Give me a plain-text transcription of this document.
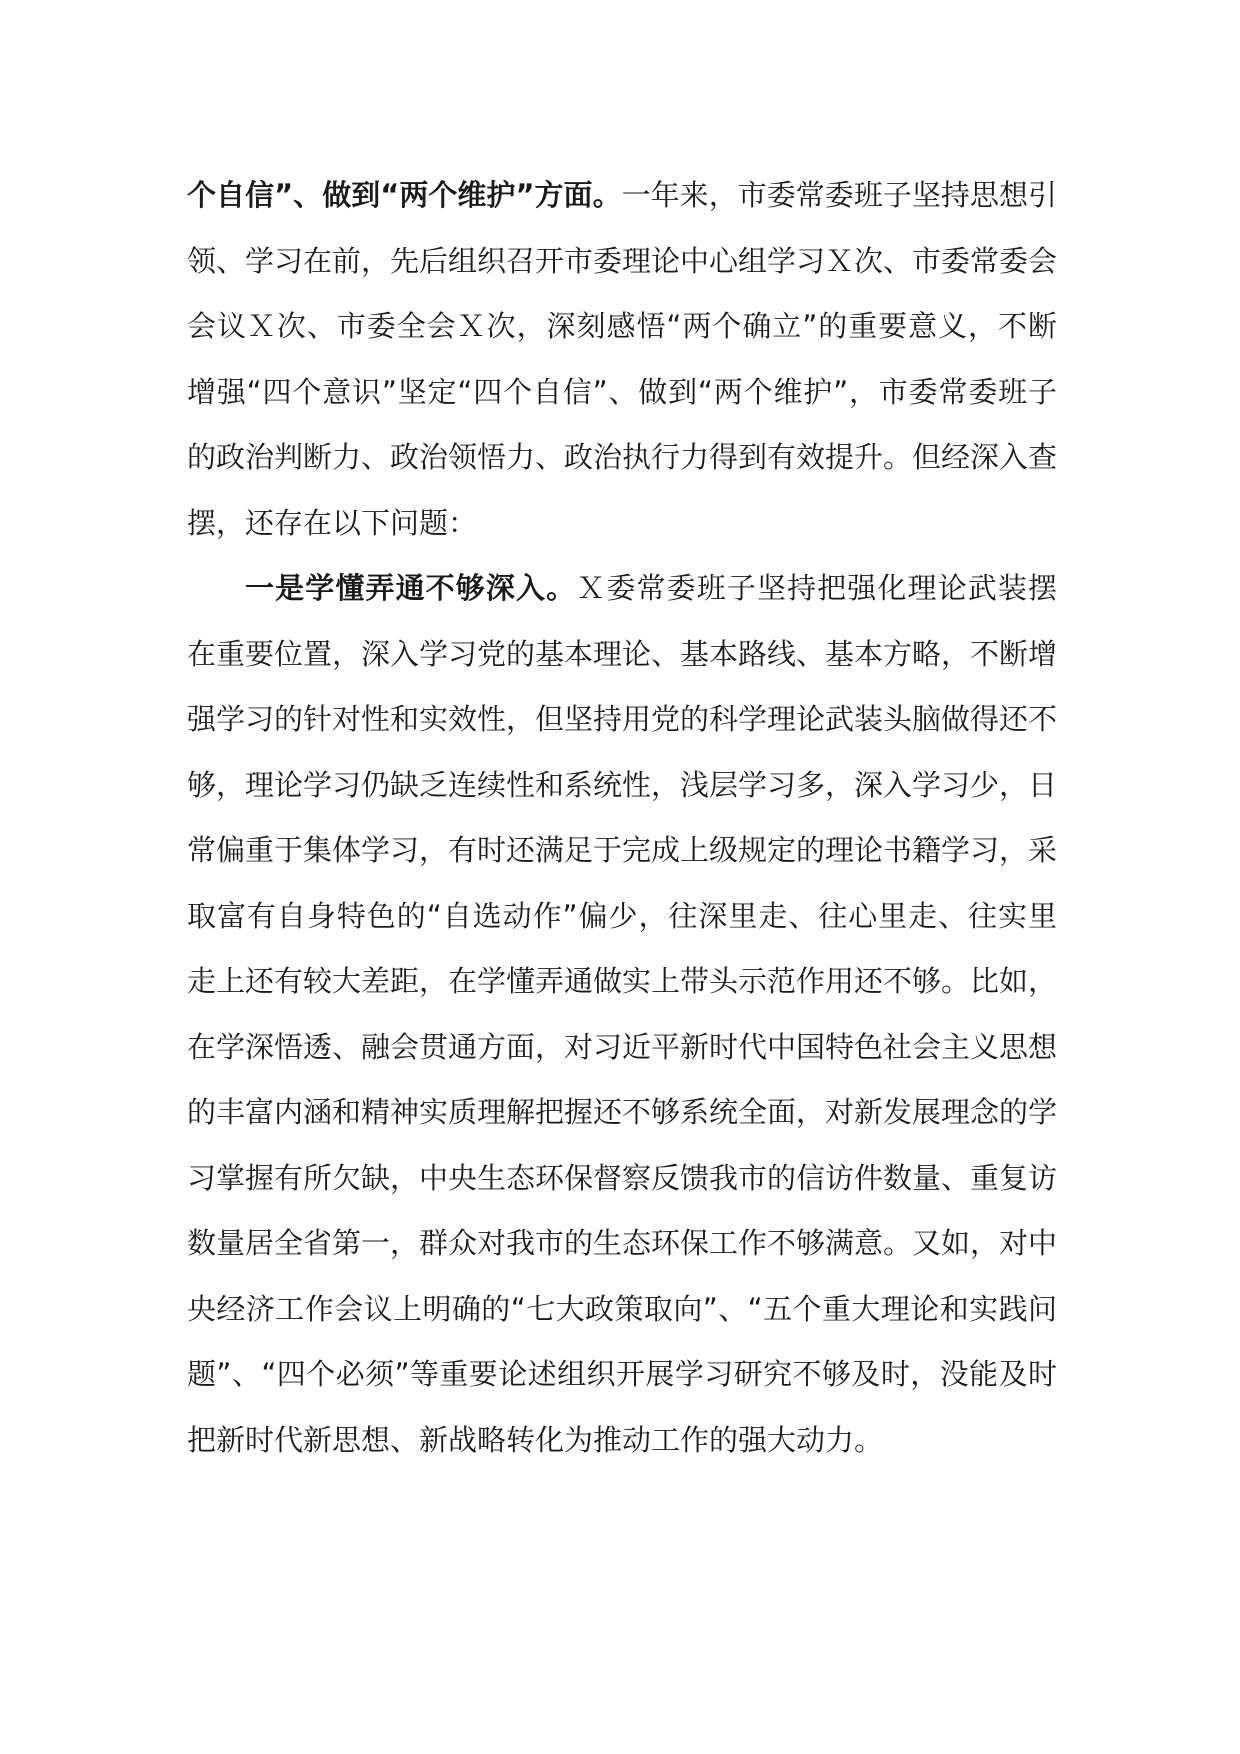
个自信”、做到“两个维护”方面。一年来，市委常委班子坚持思想引领、学习在前，先后组织召开市委理论中心组学习Ｘ次、市委常委会会议Ｘ次、市委全会Ｘ次，深刻感悟“两个确立”的重要意义，不断增强“四个意识”坚定“四个自信”、做到“两个维护”，市委常委班子的政治判断力、政治领悟力、政治执行力得到有效提升。但经深入查摆，还存在以下问题：

一是学懂弄通不够深入。Ｘ委常委班子坚持把强化理论武装摆在重要位置，深入学习党的基本理论、基本路线、基本方略，不断增强学习的针对性和实效性，但坚持用党的科学理论武装头脑做得还不够，理论学习仍缺乏连续性和系统性，浅层学习多，深入学习少，日常偏重于集体学习，有时还满足于完成上级规定的理论书籍学习，采取富有自身特色的“自选动作”偏少，往深里走、往心里走、往实里走上还有较大差距，在学懂弄通做实上带头示范作用还不够。比如，在学深悟透、融会贯通方面，对习近平新时代中国特色社会主义思想的丰富内涵和精神实质理解把握还不够系统全面，对新发展理念的学习掌握有所欠缺，中央生态环保督察反馈我市的信访件数量、重复访数量居全省第一，群众对我市的生态环保工作不够满意。又如，对中央经济工作会议上明确的“七大政策取向”、“五个重大理论和实践问题”、“四个必须”等重要论述组织开展学习研究不够及时，没能及时把新时代新思想、新战略转化为推动工作的强大动力。
